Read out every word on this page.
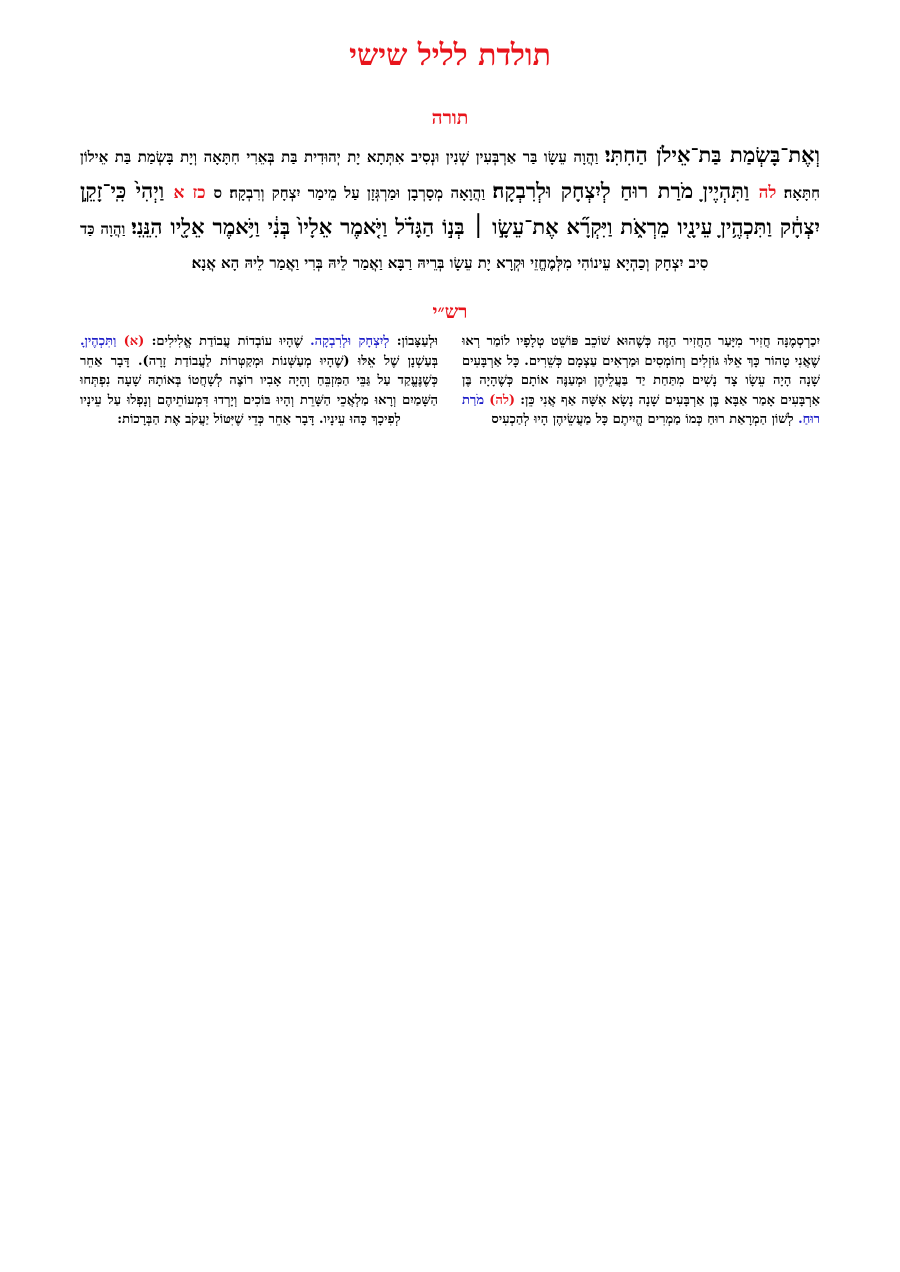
תולדת לליל שישי
תורה
וְאֶת־בָּשְׂמַת בַּת־אֵילֹן הַחִתִּי׃ וַהֲוָה עֵשָׂו בַּר אַרְבְּעִין שְׁנִין וּנְסִיב אִתְּתָא יָת יְהוּדִית בַּת בְּאֵרִי חִתָּאָה וְיָת בָּשְׂמַת בַּת אֵילוֹן חִתָּאָה׃ לה וַתִּהְיֶיןָ מֹרַת רוּחַ לְיִצְחָק וּלְרִבְקָה׃ וַהֲוָאָה מְסָרְבָן וּמַרְגְּזָן עַל מֵימַר יִצְחָק וְרִבְקָה׃ ס כז א וַיְהִי֙ כִּֽי־זָקֵ֣ן יִצְחָ֔ק וַתִּכְהֶ֥יןָ עֵינָ֖יו מֵרְאֹ֑ת וַיִּקְרָ֞א אֶת־עֵשָׂ֣ו ׀ בְּנ֣וֹ הַגָּדֹ֗ל וַיֹּ֤אמֶר אֵלָיו֙ בְּנִ֔י וַיֹּ֥אמֶר אֵלָ֖יו הִנֵּֽנִי׃ וַהֲוָה כַּד סִיב יִצְחָק וְכַהְיָא עֵינוֹהִי מִלְּמֶחֱזֵי וּקְרָא יָת עֵשָׂו בְּרֵיהּ רַבָּא וַאֲמַר לֵיהּ בְּרִי וַאֲמַר לֵיהּ הָא אֲנָא׃
רש״י
יִכַרְסְמֶנָּה חֲזִיר מִיָּעַר הַחֲזִיר הַזֶּה כְּשֶׁהוּא שׁוֹכֵב פּוֹשֵׁט טְלָפָיו לוֹמַר רְאוּ שֶׁאֲנִי טָהוֹר כָּךְ אֵלּוּ גּוֹזְלִים וְחוֹמְסִים וּמַרְאִים עַצְמָם כְּשֵׁרִים. כָּל אַרְבָּעִים שָׁנָה הָיָה עֵשָׂו צָד נָשִׁים מִתַּחַת יַד בַּעֲלֵיהֶן וּמְעַנֶּה אוֹתָם כְּשֶׁהָיָה בֶּן אַרְבָּעִים אָמַר אַבָּא בֶּן אַרְבָּעִים שָׁנָה נָשָׂא אִשָּׁה אַף אֲנִי כֵּן: (לה) מֹרַת רוּחַ. לְשׁוֹן הַמְרָאַת רוּחַ כְּמוֹ מַמְרִים הֱיִיתֶם כָּל מַעֲשֵׂיהֶן הָיוּ לְהַכְעִיס
וּלְעַצָּבוֹן: לְיִצְחָק וּלְרִבְקָה. שֶׁהָיוּ עוֹבְדוֹת עֲבוֹדַת אֱלִילִים: (א) וַתִּכְהֶיןָ. בְּעַשְׁנָן שֶׁל אֵלּוּ (שֶׁהָיוּ מְעַשְּׁנוֹת וּמְקַטְּרוֹת לַעֲבוֹדַת זָרָה). דָּבָר אַחֵר כְּשֶׁנֶּעֱקַד עַל גַּבֵּי הַמִּזְבֵּחַ וְהָיָה אָבִיו רוֹצֶה לְשָׁחֲטוֹ בְּאוֹתָהּ שָׁעָה נִפְתְּחוּ הַשָּׁמַיִם וְרָאוּ מַלְאֲכֵי הַשָּׁרֵת וְהָיוּ בּוֹכִים וְיָרְדוּ דִּמְעוֹתֵיהֶם וְנָפְלוּ עַל עֵינָיו לְפִיכָךְ כָּהוּ עֵינָיו. דָּבָר אַחֵר כְּדֵי שֶׁיִּטּוֹל יַעֲקֹב אֶת הַבְּרָכוֹת:
